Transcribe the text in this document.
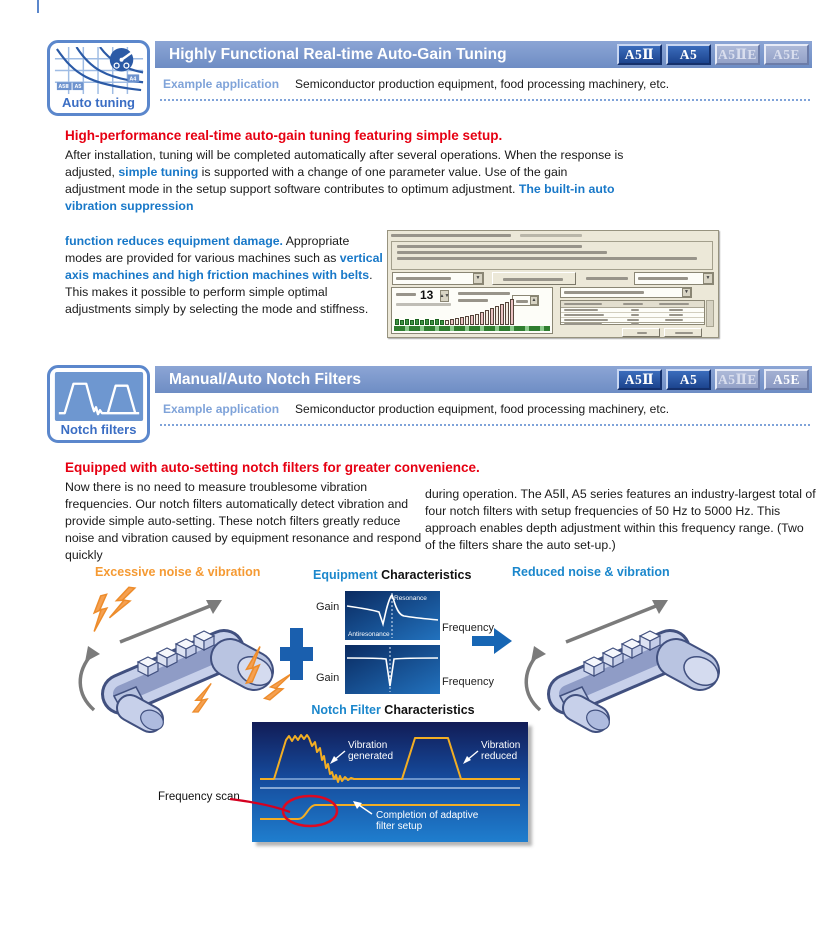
A5Ⅱ A5
A4
Auto tuning
Highly Functional Real-time Auto-Gain Tuning	A5Ⅱ	A5	A5ⅡE	A5E
Example application Semiconductor production equipment, food processing machinery, etc.
High-performance real-time auto-gain tuning featuring simple setup.
After installation, tuning will be completed automatically after several operations. When the response is adjusted, simple tuning is supported with a change of one parameter value. Use of the gain adjustment mode in the setup support software contributes to optimum adjustment. The built-in auto vibration suppression
function reduces equipment damage. Appropriate modes are provided for various machines such as vertical axis machines and high friction machines with belts.
This makes it possible to perform simple optimal adjustments simply by selecting the mode and stiffness.
▼	▼
13 ▲▼
▲
▼
Notch filters
Manual/Auto Notch Filters	A5Ⅱ	A5	A5ⅡE	A5E
Example application Semiconductor production equipment, food processing machinery, etc.
Equipped with auto-setting notch filters for greater convenience.
Now there is no need to measure troublesome vibration frequencies. Our notch filters automatically detect vibration and provide simple auto-setting. These notch filters greatly reduce noise and vibration caused by equipment resonance and respond quickly
during operation. The A5Ⅱ, A5 series features an industry-largest total of four notch filters with setup frequencies of 50 Hz to 5000 Hz. This approach enables depth adjustment within this frequency range. (Two of the filters share the auto set-up.)
Excessive noise & vibration	Equipment Characteristics	Reduced noise & vibration
Gain
Resonance
Antiresonance
Frequency
Gain	Frequency
Notch Filter Characteristics
Vibration
generated
Vibration
reduced
Completion of adaptive
filter setup
Frequency scan
